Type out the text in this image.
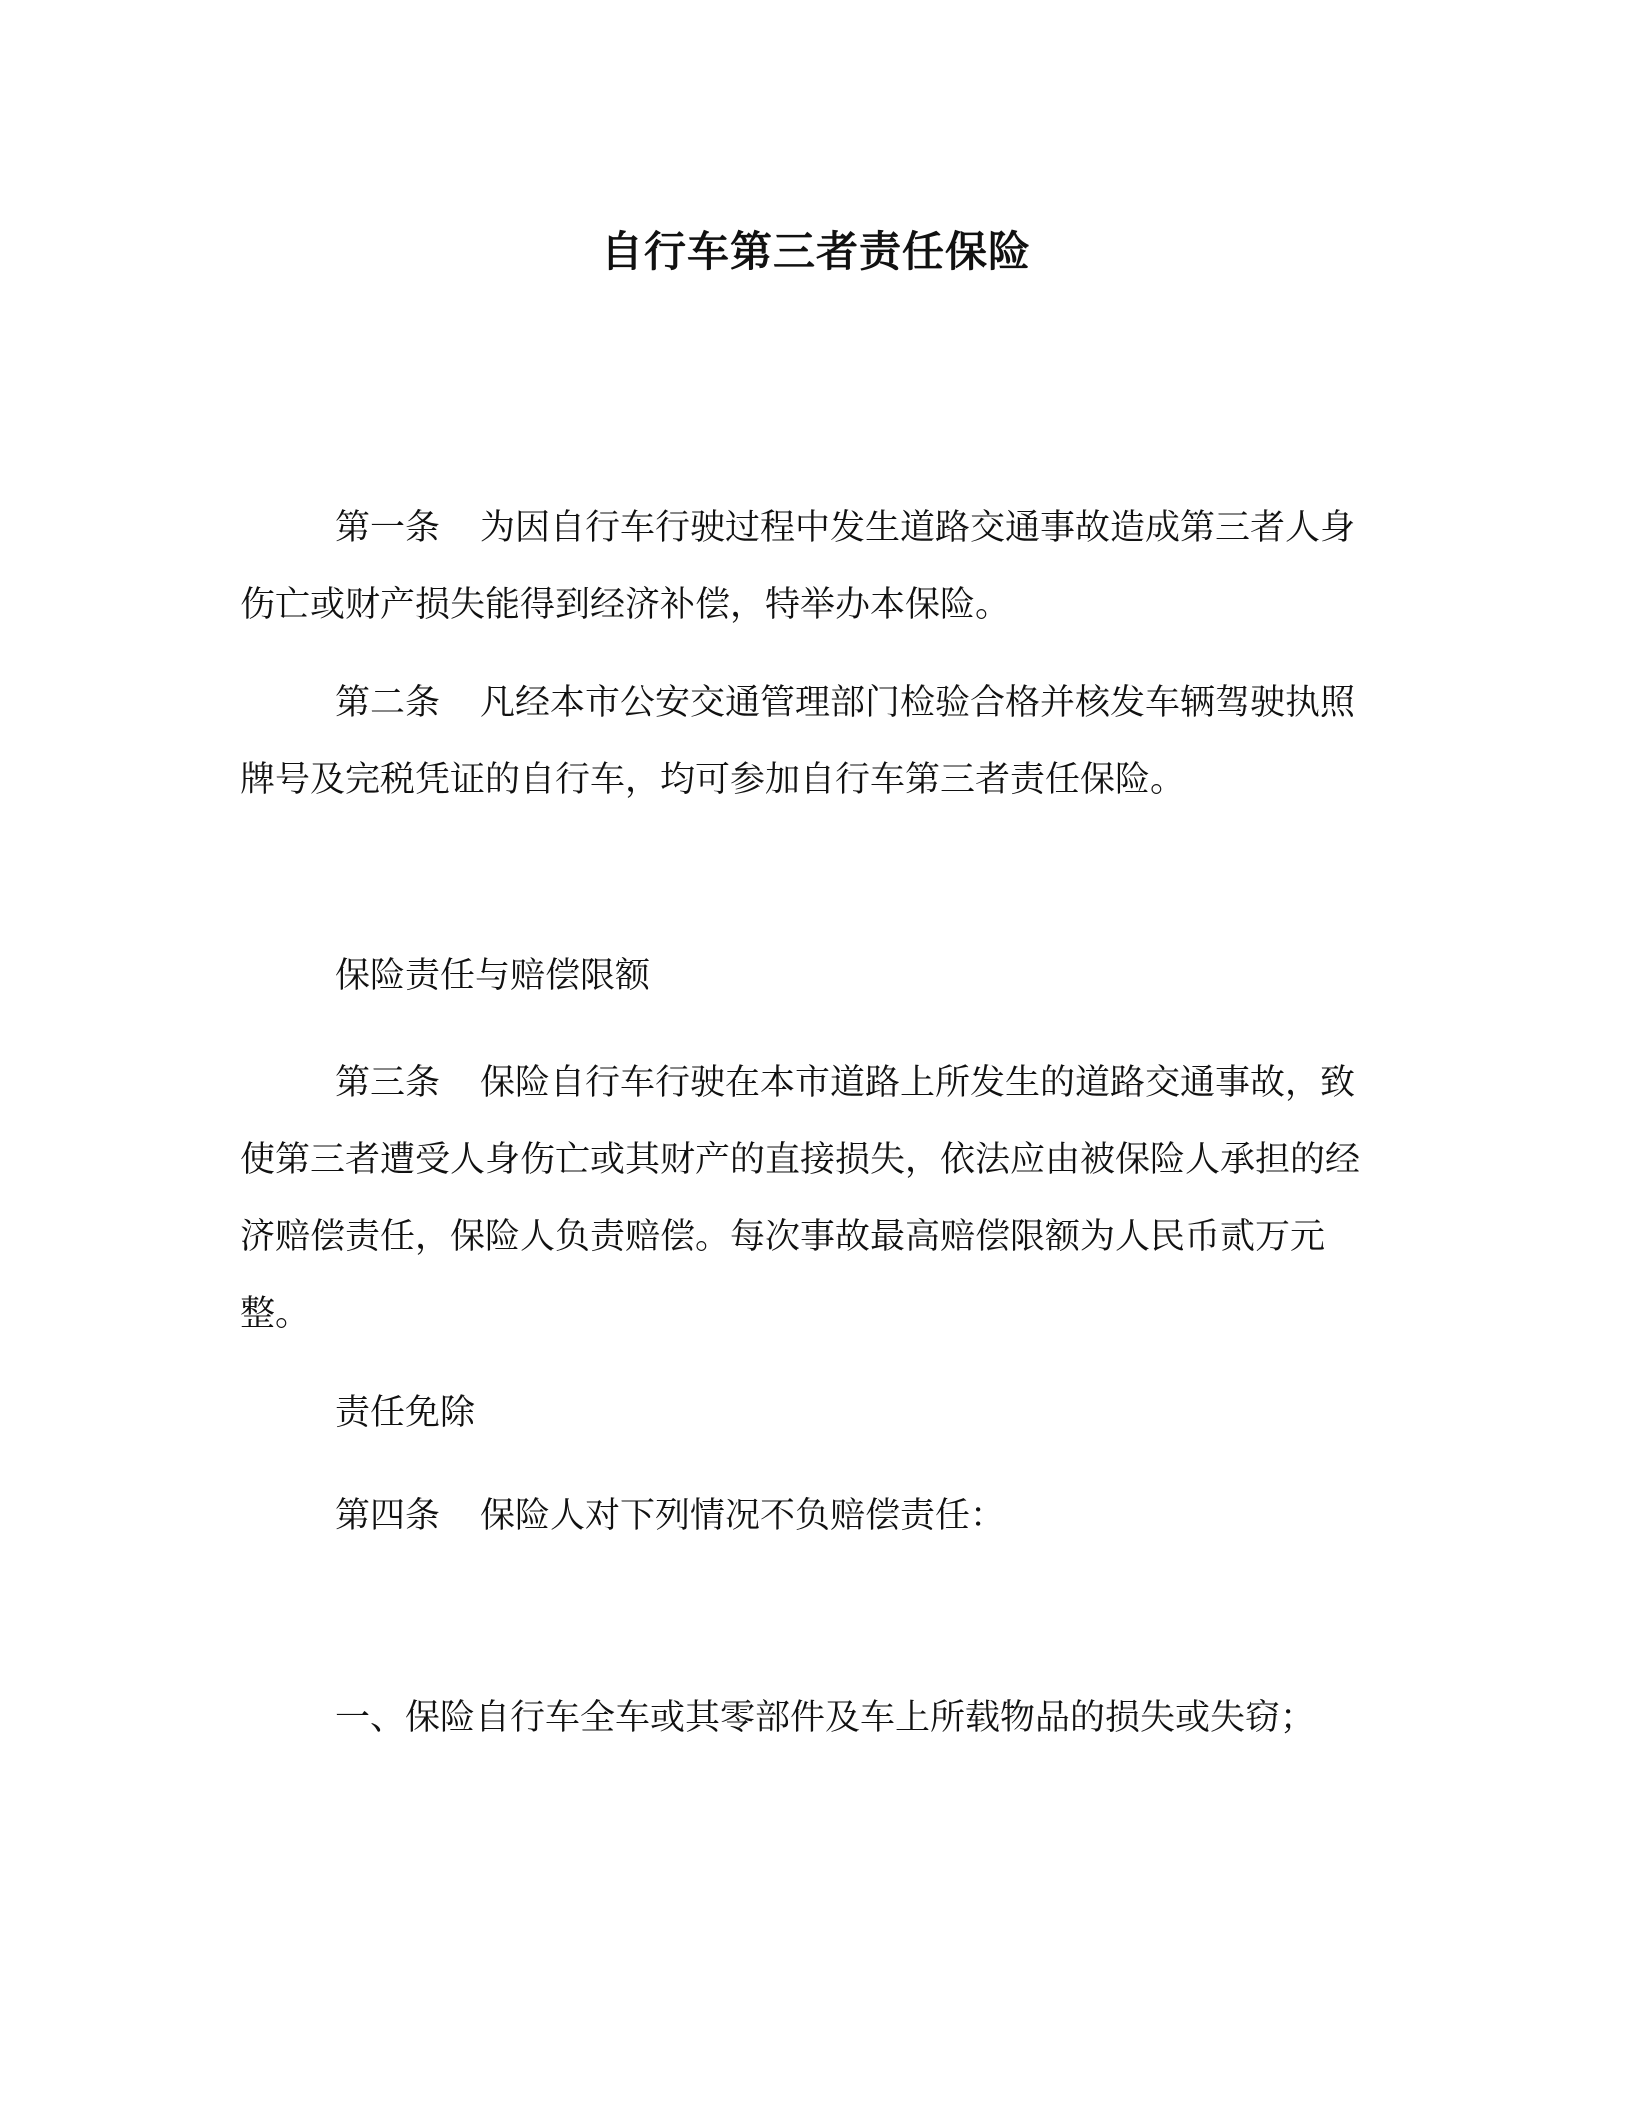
自行车第三者责任保险
第一条 为因自行车行驶过程中发生道路交通事故造成第三者人身伤亡或财产损失能得到经济补偿，特举办本保险。
第二条 凡经本市公安交通管理部门检验合格并核发车辆驾驶执照牌号及完税凭证的自行车，均可参加自行车第三者责任保险。
保险责任与赔偿限额
第三条 保险自行车行驶在本市道路上所发生的道路交通事故，致使第三者遭受人身伤亡或其财产的直接损失，依法应由被保险人承担的经济赔偿责任，保险人负责赔偿。每次事故最高赔偿限额为人民币贰万元整。
责任免除
第四条 保险人对下列情况不负赔偿责任：
一、保险自行车全车或其零部件及车上所载物品的损失或失窃；
